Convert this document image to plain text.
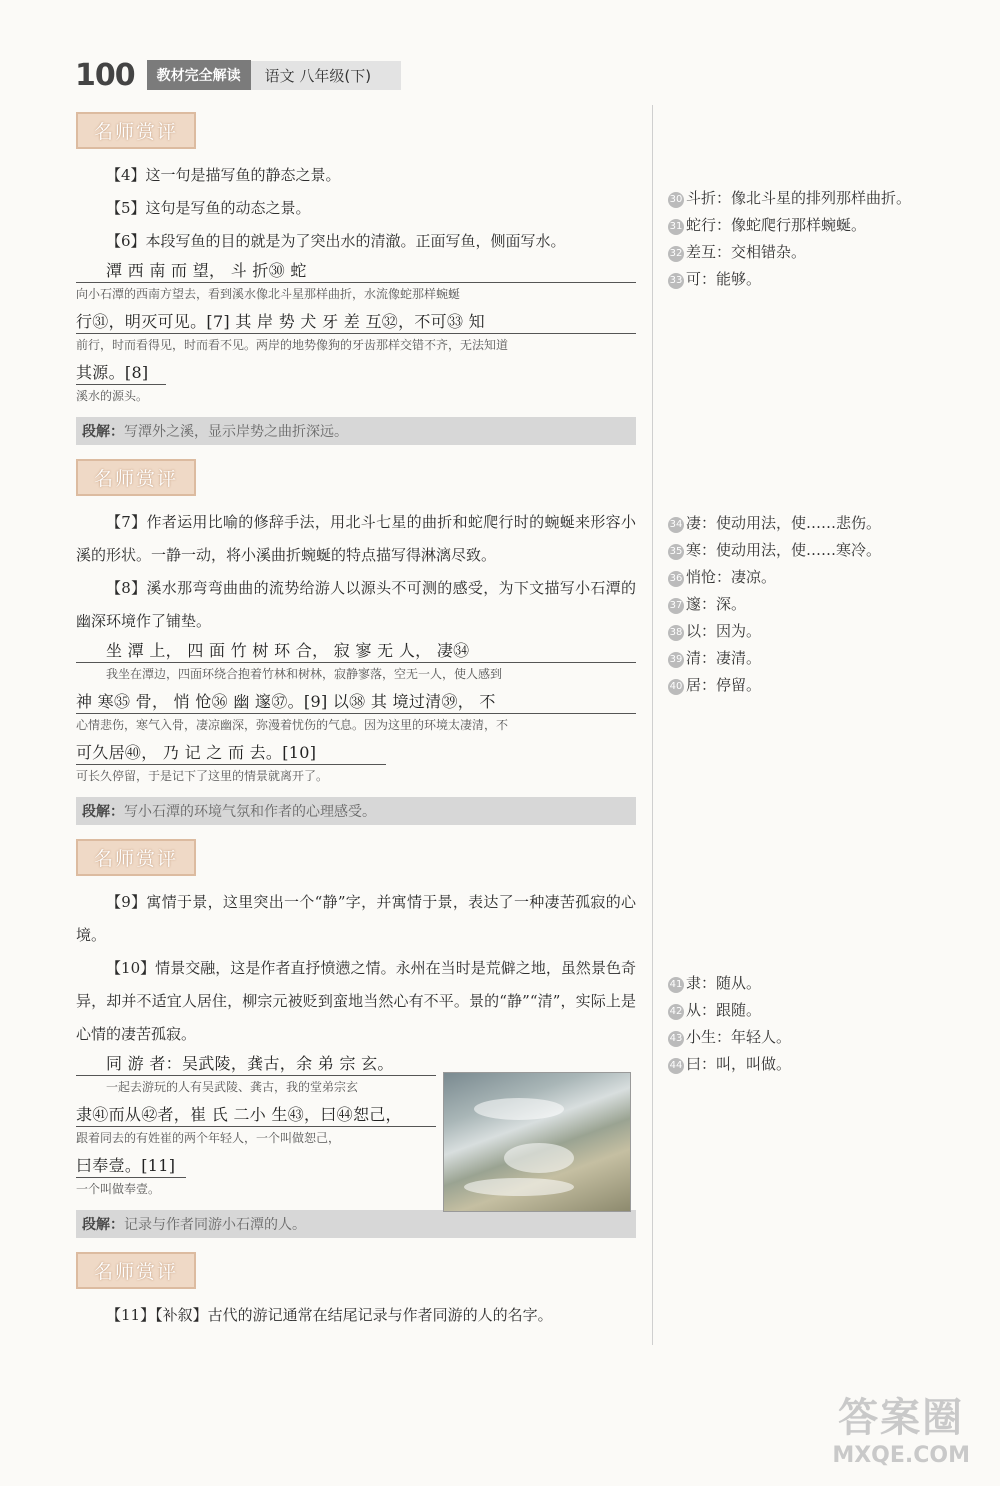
100	教材完全解读	语文 八年级(下)
名师赏评

【4】这一句是描写鱼的静态之景。

【5】这句是写鱼的动态之景。

【6】本段写鱼的目的就是为了突出水的清澈。正面写鱼，侧面写水。

潭 西 南 而 望， 斗 折㉚ 蛇
向小石潭的西南方望去，看到溪水像北斗星那样曲折，水流像蛇那样蜿蜒
行㉛，明灭可见。[7] 其 岸 势 犬 牙 差 互㉜，不可㉝ 知
前行，时而看得见，时而看不见。两岸的地势像狗的牙齿那样交错不齐，无法知道
其源。[8]
溪水的源头。
段解：写潭外之溪，显示岸势之曲折深远。
名师赏评

【7】作者运用比喻的修辞手法，用北斗七星的曲折和蛇爬行时的蜿蜒来形容小溪的形状。一静一动，将小溪曲折蜿蜒的特点描写得淋漓尽致。

【8】溪水那弯弯曲曲的流势给游人以源头不可测的感受，为下文描写小石潭的幽深环境作了铺垫。

坐 潭 上， 四 面 竹 树 环 合， 寂 寥 无 人， 凄㉞
我坐在潭边，四面环绕合抱着竹林和树林，寂静寥落，空无一人，使人感到
神 寒㉟ 骨， 悄 怆㊱ 幽 邃㊲。[9] 以㊳ 其 境过清㊴， 不
心情悲伤，寒气入骨，凄凉幽深，弥漫着忧伤的气息。因为这里的环境太凄清，不
可久居㊵， 乃 记 之 而 去。[10]
可长久停留，于是记下了这里的情景就离开了。
段解：写小石潭的环境气氛和作者的心理感受。
名师赏评

【9】寓情于景，这里突出一个“静”字，并寓情于景，表达了一种凄苦孤寂的心境。

【10】情景交融，这是作者直抒愤懑之情。永州在当时是荒僻之地，虽然景色奇异，却并不适宜人居住，柳宗元被贬到蛮地当然心有不平。景的“静”“清”，实际上是心情的凄苦孤寂。

同 游 者：吴武陵，龚古，余 弟 宗 玄。
一起去游玩的人有吴武陵、龚古，我的堂弟宗玄
隶㊶而从㊷者，崔 氏 二小 生㊸，曰㊹恕己，
跟着同去的有姓崔的两个年轻人，一个叫做恕己，
曰奉壹。[11]
一个叫做奉壹。
段解：记录与作者同游小石潭的人。
名师赏评

【11】【补叙】古代的游记通常在结尾记录与作者同游的人的名字。

30 斗折：像北斗星的排列那样曲折。
31 蛇行：像蛇爬行那样蜿蜒。
32 差互：交相错杂。
33 可：能够。
34 凄：使动用法，使……悲伤。
35 寒：使动用法，使……寒冷。
36 悄怆：凄凉。
37 邃：深。
38 以：因为。
39 清：凄清。
40 居：停留。
41 隶：随从。
42 从：跟随。
43 小生：年轻人。
44 曰：叫，叫做。
答案圈
MXQE.COM
